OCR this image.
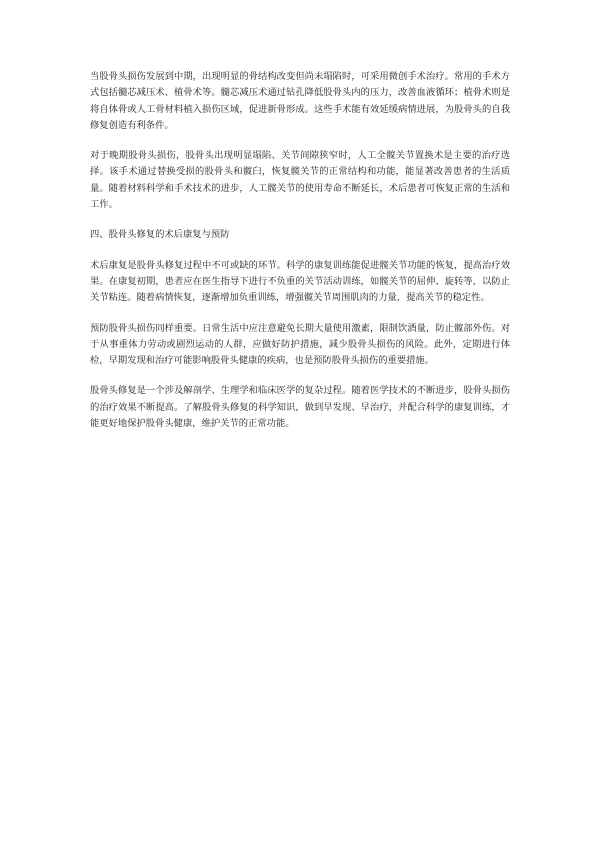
当股骨头损伤发展到中期，出现明显的骨结构改变但尚未塌陷时，可采用微创手术治疗。常用的手术方式包括髓芯减压术、植骨术等。髓芯减压术通过钻孔降低股骨头内的压力，改善血液循环；植骨术则是将自体骨或人工骨材料植入损伤区域，促进新骨形成。这些手术能有效延缓病情进展，为股骨头的自我修复创造有利条件。

对于晚期股骨头损伤，股骨头出现明显塌陷、关节间隙狭窄时，人工全髋关节置换术是主要的治疗选择。该手术通过替换受损的股骨头和髋臼，恢复髋关节的正常结构和功能，能显著改善患者的生活质量。随着材料科学和手术技术的进步，人工髋关节的使用寿命不断延长，术后患者可恢复正常的生活和工作。

四、股骨头修复的术后康复与预防

术后康复是股骨头修复过程中不可或缺的环节。科学的康复训练能促进髋关节功能的恢复，提高治疗效果。在康复初期，患者应在医生指导下进行不负重的关节活动训练，如髋关节的屈伸、旋转等，以防止关节粘连。随着病情恢复，逐渐增加负重训练，增强髋关节周围肌肉的力量，提高关节的稳定性。

预防股骨头损伤同样重要。日常生活中应注意避免长期大量使用激素，限制饮酒量，防止髋部外伤。对于从事重体力劳动或剧烈运动的人群，应做好防护措施，减少股骨头损伤的风险。此外，定期进行体检，早期发现和治疗可能影响股骨头健康的疾病，也是预防股骨头损伤的重要措施。

股骨头修复是一个涉及解剖学、生理学和临床医学的复杂过程。随着医学技术的不断进步，股骨头损伤的治疗效果不断提高。了解股骨头修复的科学知识，做到早发现、早治疗，并配合科学的康复训练，才能更好地保护股骨头健康，维护关节的正常功能。
